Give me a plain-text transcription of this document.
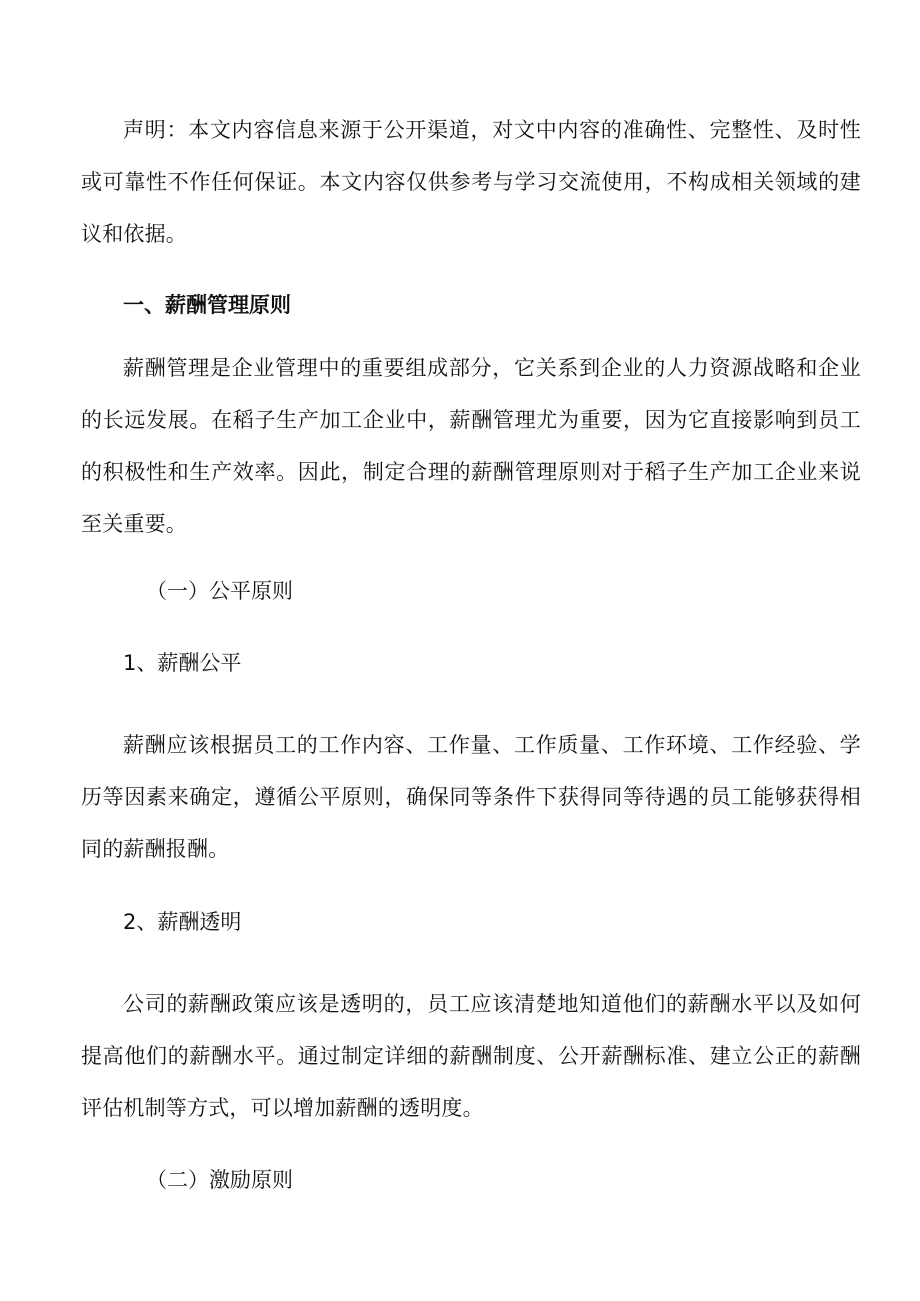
声明：本文内容信息来源于公开渠道，对文中内容的准确性、完整性、及时性或可靠性不作任何保证。本文内容仅供参考与学习交流使用，不构成相关领域的建议和依据。

一、薪酬管理原则

薪酬管理是企业管理中的重要组成部分，它关系到企业的人力资源战略和企业的长远发展。在稻子生产加工企业中，薪酬管理尤为重要，因为它直接影响到员工的积极性和生产效率。因此，制定合理的薪酬管理原则对于稻子生产加工企业来说至关重要。

（一）公平原则
1、薪酬公平

薪酬应该根据员工的工作内容、工作量、工作质量、工作环境、工作经验、学历等因素来确定，遵循公平原则，确保同等条件下获得同等待遇的员工能够获得相同的薪酬报酬。

2、薪酬透明

公司的薪酬政策应该是透明的，员工应该清楚地知道他们的薪酬水平以及如何提高他们的薪酬水平。通过制定详细的薪酬制度、公开薪酬标准、建立公正的薪酬评估机制等方式，可以增加薪酬的透明度。

（二）激励原则
